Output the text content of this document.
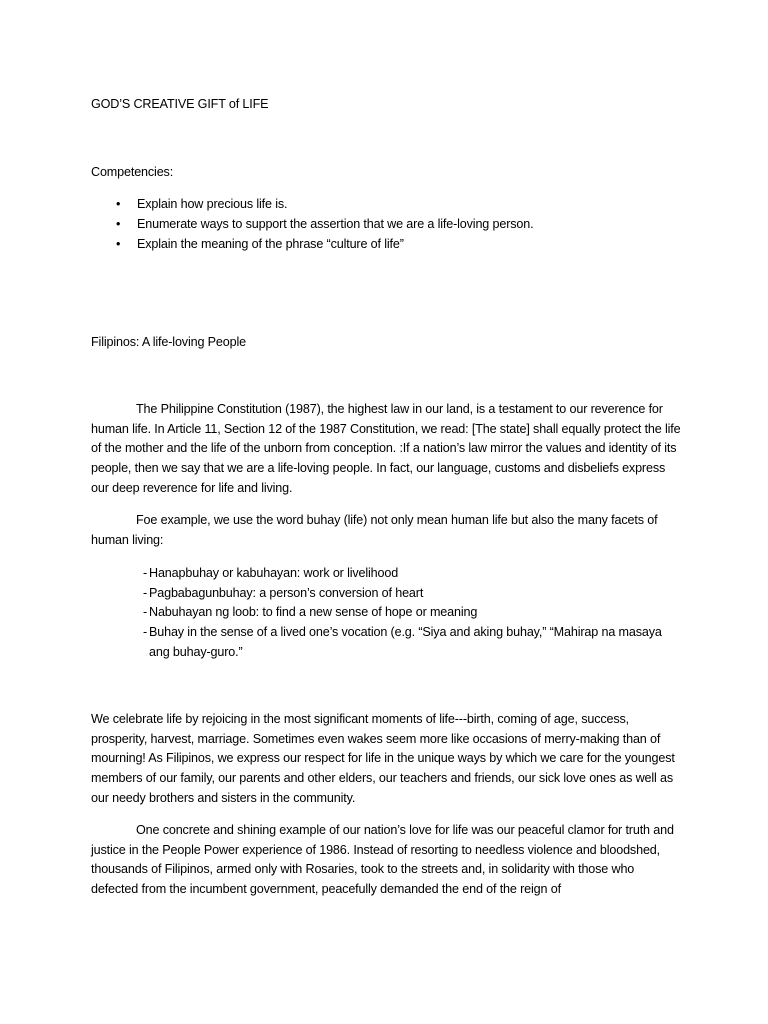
GOD’S CREATIVE GIFT of LIFE
Competencies:
• Explain how precious life is.
• Enumerate ways to support the assertion that we are a life-loving person.
• Explain the meaning of the phrase “culture of life”
Filipinos: A life-loving People

The Philippine Constitution (1987), the highest law in our land, is a testament to our reverence for human life. In Article 11, Section 12 of the 1987 Constitution, we read: [The state] shall equally protect the life of the mother and the life of the unborn from conception. :If a nation’s law mirror the values and identity of its people, then we say that we are a life-loving people. In fact, our language, customs and disbeliefs express our deep reverence for life and living.

Foe example, we use the word buhay (life) not only mean human life but also the many facets of human living:

- Hanapbuhay or kabuhayan: work or livelihood
- Pagbabagunbuhay: a person’s conversion of heart
- Nabuhayan ng loob: to find a new sense of hope or meaning
- Buhay in the sense of a lived one’s vocation (e.g. “Siya and aking buhay,” “Mahirap na masaya ang buhay-guro.”

We celebrate life by rejoicing in the most significant moments of life---birth, coming of age, success, prosperity, harvest, marriage. Sometimes even wakes seem more like occasions of merry-making than of mourning! As Filipinos, we express our respect for life in the unique ways by which we care for the youngest members of our family, our parents and other elders, our teachers and friends, our sick love ones as well as our needy brothers and sisters in the community.

One concrete and shining example of our nation’s love for life was our peaceful clamor for truth and justice in the People Power experience of 1986. Instead of resorting to needless violence and bloodshed, thousands of Filipinos, armed only with Rosaries, took to the streets and, in solidarity with those who defected from the incumbent government, peacefully demanded the end of the reign of
